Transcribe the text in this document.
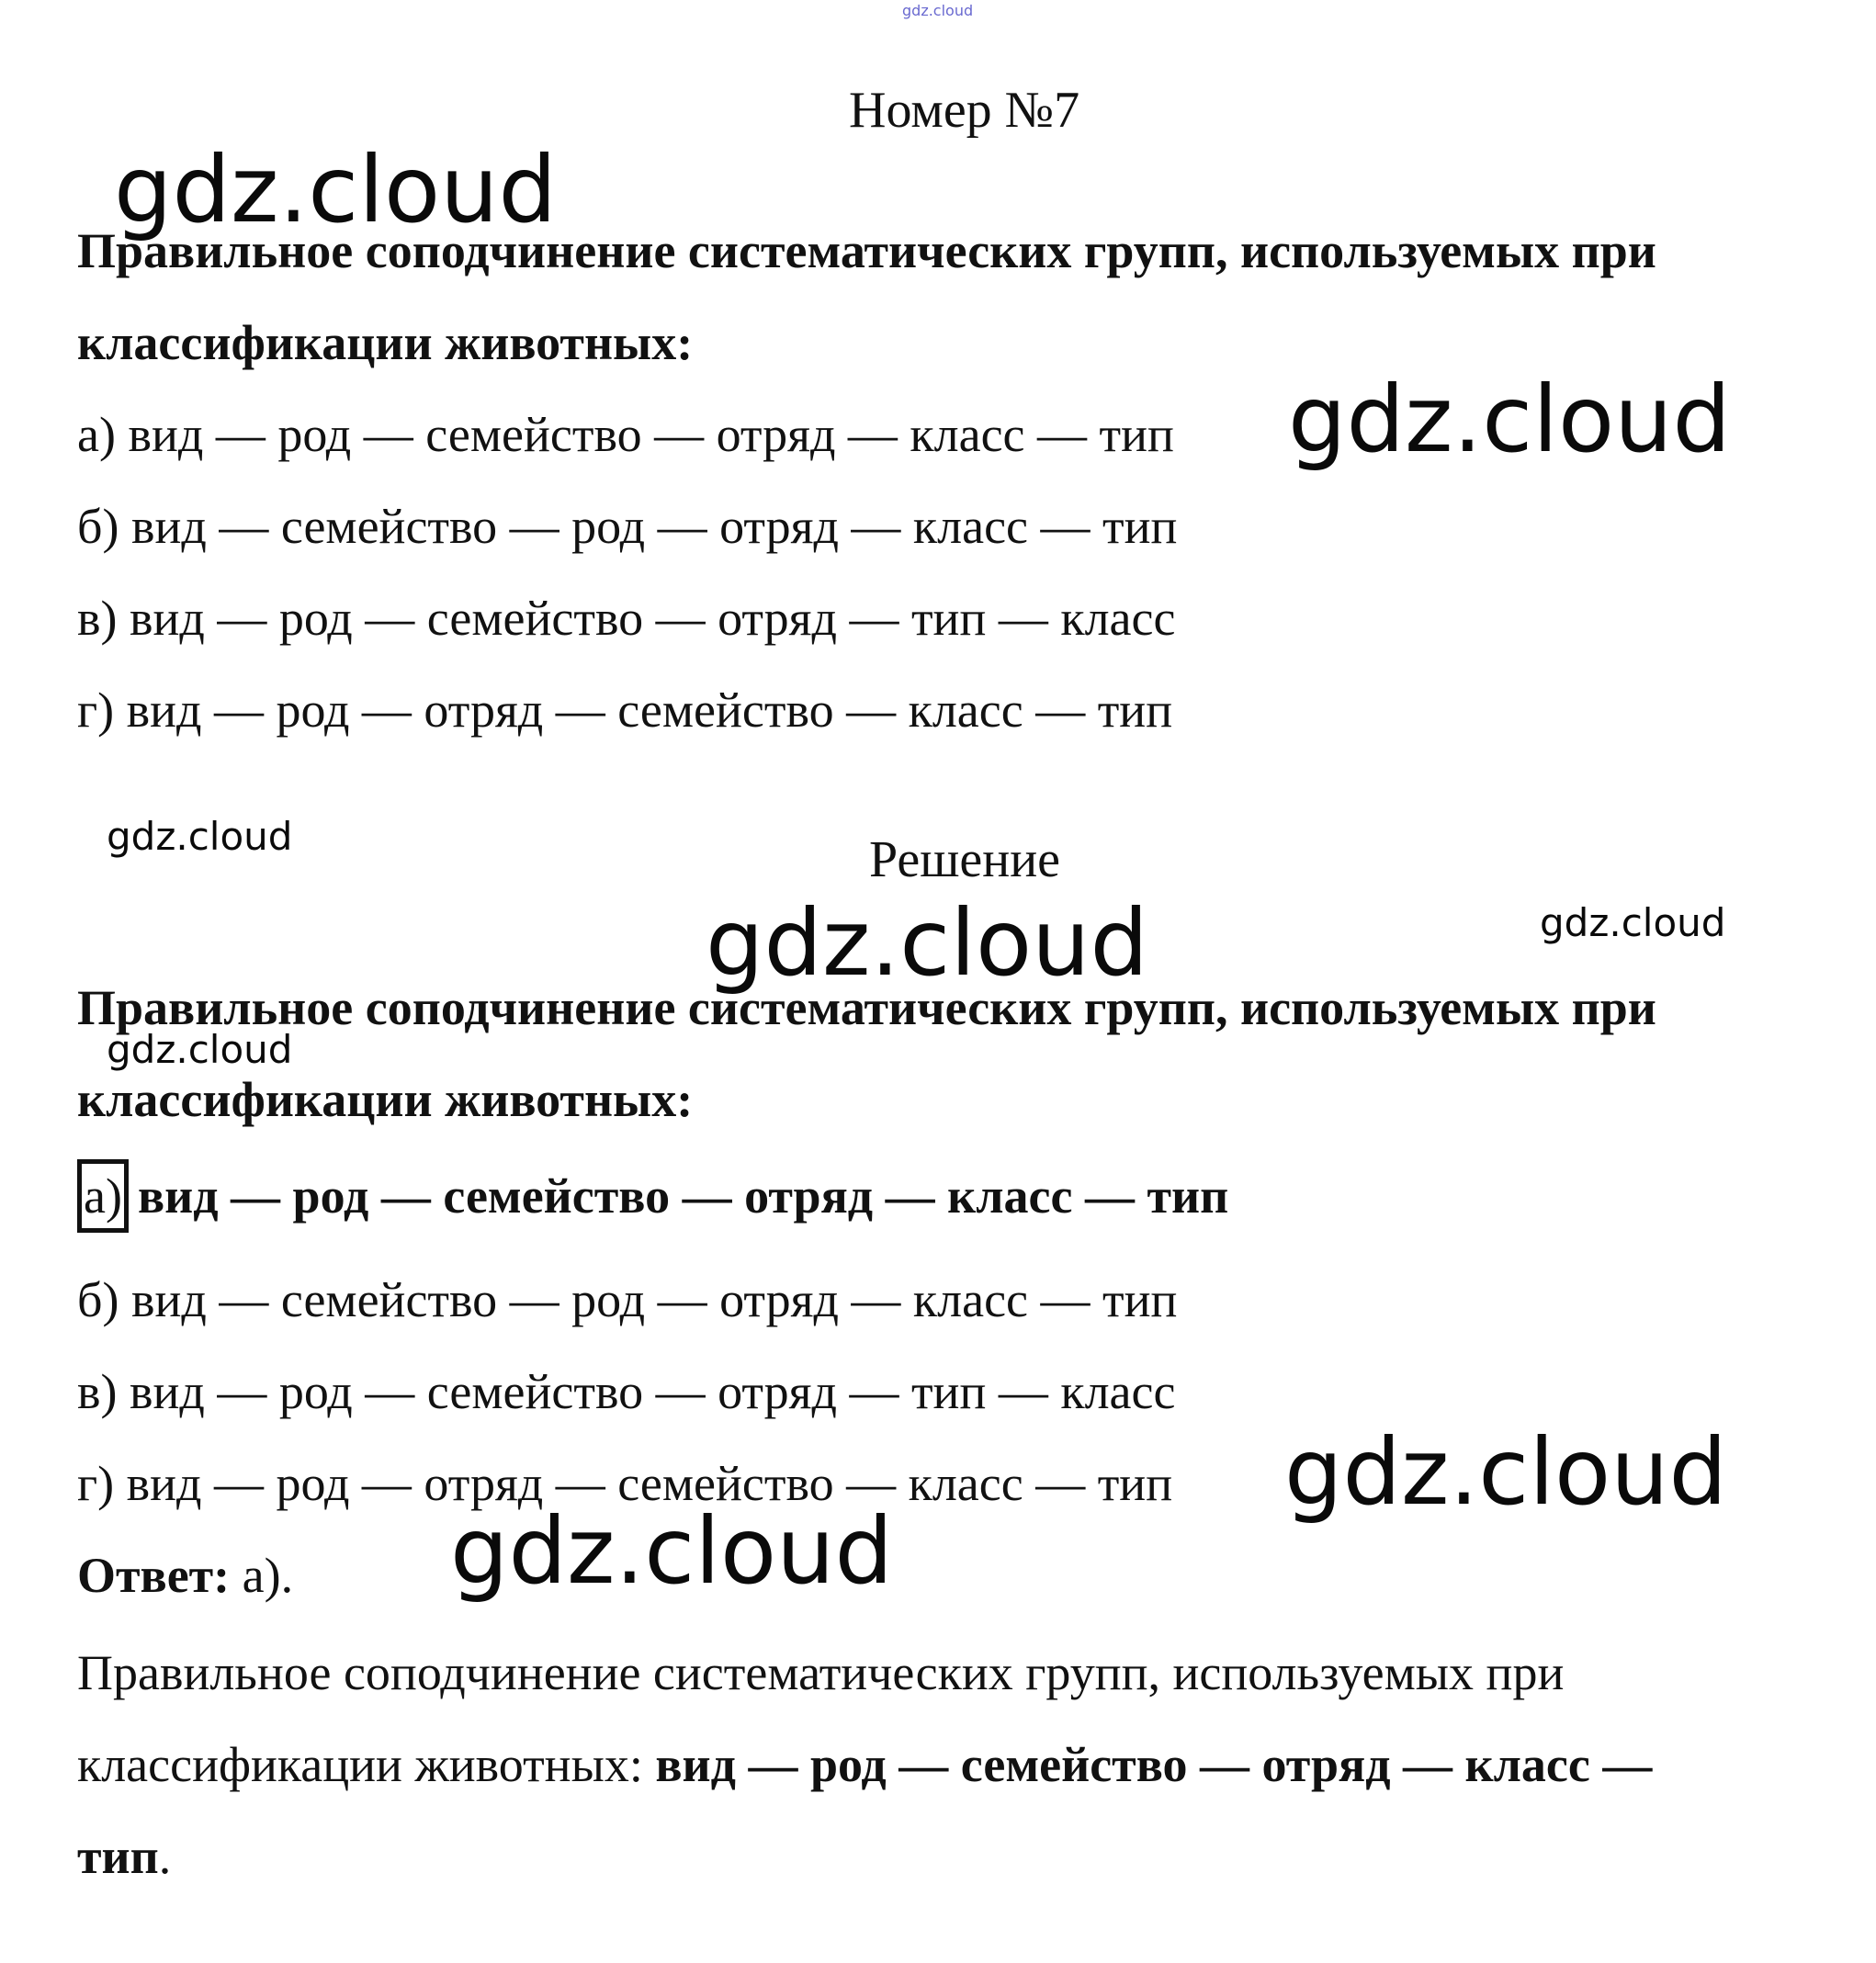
gdz.cloud
Номер №7
Правильное соподчинение систематических групп, используемых при
классификации животных:
а) вид — род — семейство — отряд — класс — тип
б) вид — семейство — род — отряд — класс — тип
в) вид — род — семейство — отряд — тип — класс
г) вид — род — отряд — семейство — класс — тип
Решение
Правильное соподчинение систематических групп, используемых при
классификации животных:
а) вид — род — семейство — отряд — класс — тип
б) вид — семейство — род — отряд — класс — тип
в) вид — род — семейство — отряд — тип — класс
г) вид — род — отряд — семейство — класс — тип
Ответ: а).
Правильное соподчинение систематических групп, используемых при
классификации животных: вид — род — семейство — отряд — класс —
тип.
gdz.cloud
gdz.cloud
gdz.cloud
gdz.cloud	gdz.cloud
gdz.cloud
gdz.cloud
gdz.cloud
